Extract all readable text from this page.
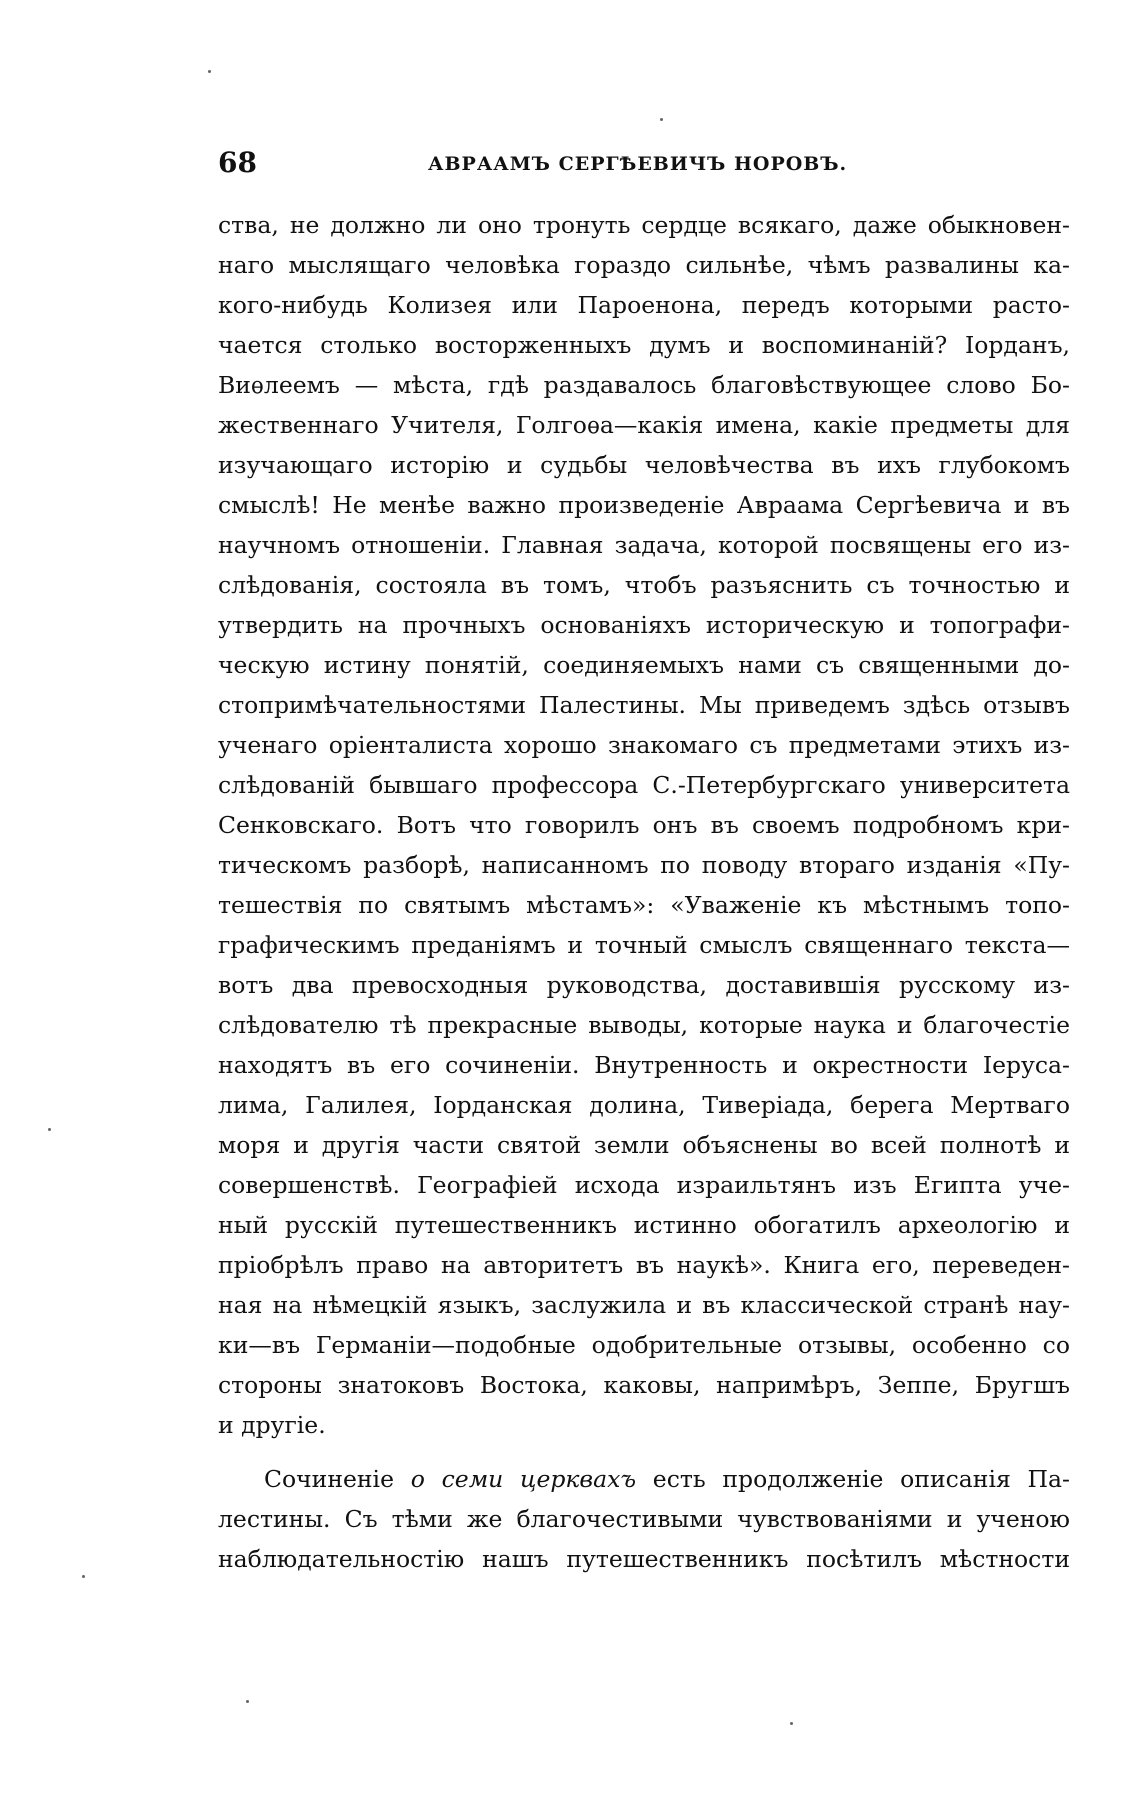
68	АВРААМЪ СЕРГѢЕВИЧЪ НОРОВЪ.
ства, не должно ли оно тронуть сердце всякаго, даже обыкновен-
наго мыслящаго человѣка гораздо сильнѣе, чѣмъ развалины ка-
кого-нибудь Колизея или Пароенона, передъ которыми расто-
чается столько восторженныхъ думъ и воспоминаній? Іорданъ,
Виѳлеемъ — мѣста, гдѣ раздавалось благовѣствующее слово Бо-
жественнаго Учителя, Голгоѳа—какія имена, какіе предметы для
изучающаго исторію и судьбы человѣчества въ ихъ глубокомъ
смыслѣ! Не менѣе важно произведеніе Авраама Сергѣевича и въ
научномъ отношеніи. Главная задача, которой посвящены его из-
слѣдованія, состояла въ томъ, чтобъ разъяснить съ точностью и
утвердить на прочныхъ основаніяхъ историческую и топографи-
ческую истину понятій, соединяемыхъ нами съ священными до-
стопримѣчательностями Палестины. Мы приведемъ здѣсь отзывъ
ученаго оріенталиста хорошо знакомаго съ предметами этихъ из-
слѣдованій бывшаго профессора С.-Петербургскаго университета
Сенковскаго. Вотъ что говорилъ онъ въ своемъ подробномъ кри-
тическомъ разборѣ, написанномъ по поводу вторaго изданія «Пу-
тешествія по святымъ мѣстамъ»: «Уваженіе къ мѣстнымъ топо-
графическимъ преданіямъ и точный смыслъ священнаго текста—
вотъ два превосходныя руководства, доставившія русскому из-
слѣдователю тѣ прекрасные выводы, которые наука и благочестіе
находятъ въ его сочиненіи. Внутренность и окрестности Іеруса-
лима, Галилея, Іорданская долина, Тиверіада, берега Мертваго
моря и другія части святой земли объяснены во всей полнотѣ и
совершенствѣ. Географіей исхода израильтянъ изъ Египта уче-
ный русскій путешественникъ истинно обогатилъ археологію и
пріобрѣлъ право на авторитетъ въ наукѣ». Книга его, переведен-
ная на нѣмецкій языкъ, заслужила и въ классической странѣ нау-
ки—въ Германіи—подобные одобрительные отзывы, особенно со
стороны знатоковъ Востока, каковы, напримѣръ, Зеппе, Бругшъ
и другіе.
Сочиненіе о семи церквахъ есть продолженіе описанія Па-
лестины. Съ тѣми же благочестивыми чувствованіями и ученою
наблюдательностію нашъ путешественникъ посѣтилъ мѣстности
